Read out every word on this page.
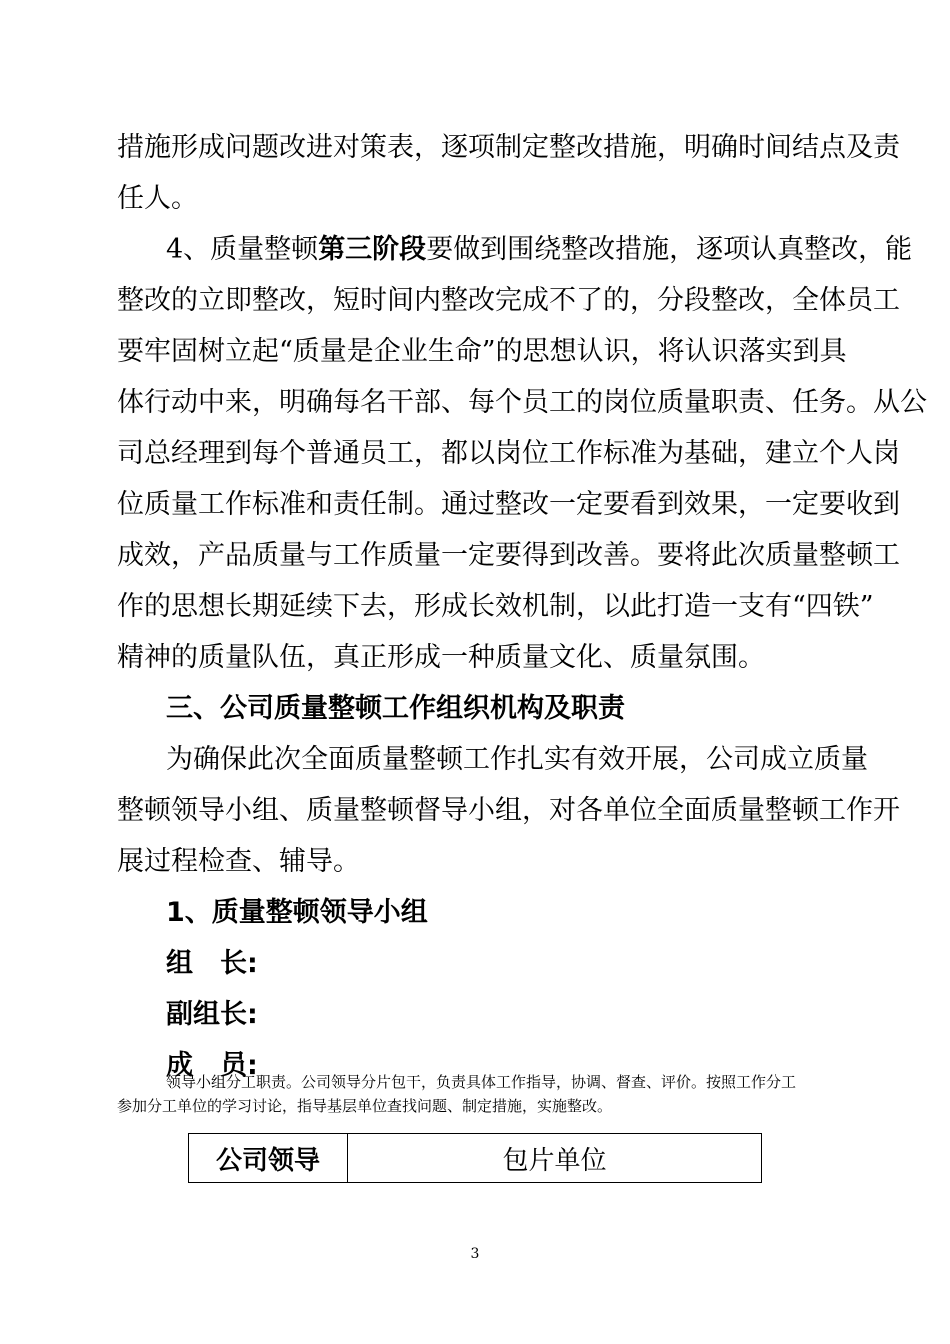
措施形成问题改进对策表，逐项制定整改措施，明确时间结点及责
任人。
4、质量整顿第三阶段要做到围绕整改措施，逐项认真整改，能
整改的立即整改，短时间内整改完成不了的，分段整改，全体员工
要牢固树立起“质量是企业生命”的思想认识，将认识落实到具
体行动中来，明确每名干部、每个员工的岗位质量职责、任务。从公
司总经理到每个普通员工，都以岗位工作标准为基础，建立个人岗
位质量工作标准和责任制。通过整改一定要看到效果，一定要收到
成效，产品质量与工作质量一定要得到改善。要将此次质量整顿工
作的思想长期延续下去，形成长效机制，以此打造一支有“四铁”
精神的质量队伍，真正形成一种质量文化、质量氛围。
三、公司质量整顿工作组织机构及职责
为确保此次全面质量整顿工作扎实有效开展，公司成立质量
整顿领导小组、质量整顿督导小组，对各单位全面质量整顿工作开
展过程检查、辅导。
1、质量整顿领导小组
组　长:
副组长:
成　员:
领导小组分工职责。公司领导分片包干，负责具体工作指导，协调、督查、评价。按照工作分工
参加分工单位的学习讨论，指导基层单位查找问题、制定措施，实施整改。
公司领导	包片单位
3
